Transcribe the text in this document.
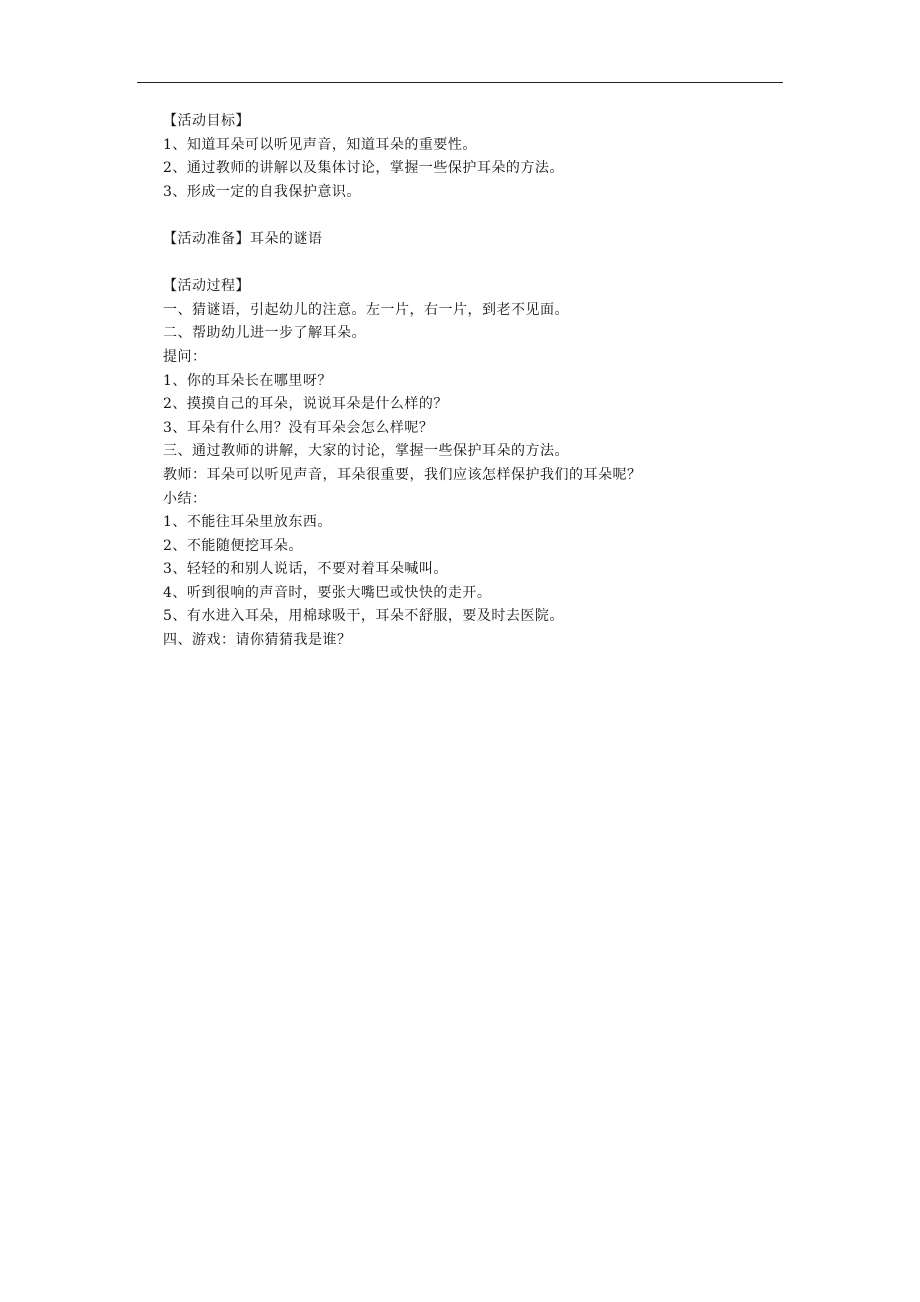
【活动目标】
1、知道耳朵可以听见声音，知道耳朵的重要性。
2、通过教师的讲解以及集体讨论，掌握一些保护耳朵的方法。
3、形成一定的自我保护意识。
【活动准备】耳朵的谜语
【活动过程】
一、猜谜语，引起幼儿的注意。左一片，右一片，到老不见面。
二、帮助幼儿进一步了解耳朵。
提问：
1、你的耳朵长在哪里呀？
2、摸摸自己的耳朵，说说耳朵是什么样的？
3、耳朵有什么用？没有耳朵会怎么样呢？
三、通过教师的讲解，大家的讨论，掌握一些保护耳朵的方法。
教师：耳朵可以听见声音，耳朵很重要，我们应该怎样保护我们的耳朵呢？
小结：
1、不能往耳朵里放东西。
2、不能随便挖耳朵。
3、轻轻的和别人说话，不要对着耳朵喊叫。
4、听到很响的声音时，要张大嘴巴或快快的走开。
5、有水进入耳朵，用棉球吸干，耳朵不舒服，要及时去医院。
四、游戏：请你猜猜我是谁？
